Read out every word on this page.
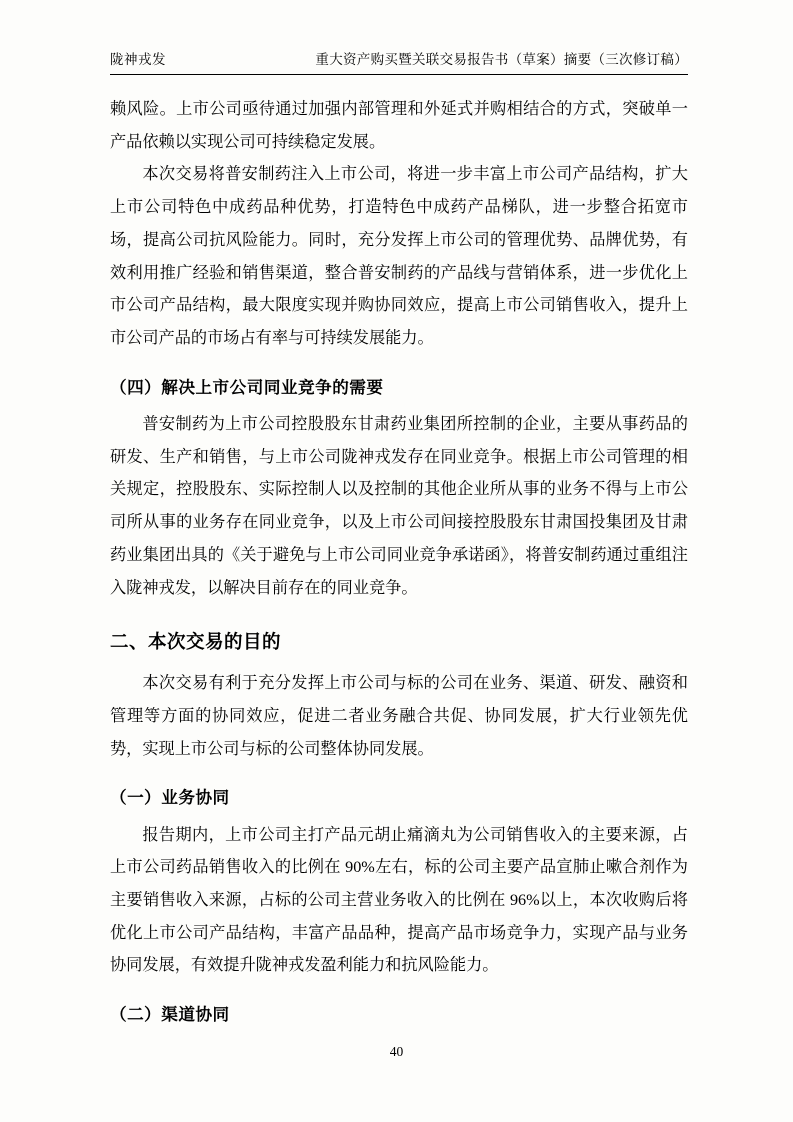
陇神戎发	重大资产购买暨关联交易报告书（草案）摘要（三次修订稿）

赖风险。上市公司亟待通过加强内部管理和外延式并购相结合的方式，突破单一产品依赖以实现公司可持续稳定发展。

本次交易将普安制药注入上市公司，将进一步丰富上市公司产品结构，扩大上市公司特色中成药品种优势，打造特色中成药产品梯队，进一步整合拓宽市场，提高公司抗风险能力。同时，充分发挥上市公司的管理优势、品牌优势，有效利用推广经验和销售渠道，整合普安制药的产品线与营销体系，进一步优化上市公司产品结构，最大限度实现并购协同效应，提高上市公司销售收入，提升上市公司产品的市场占有率与可持续发展能力。

（四）解决上市公司同业竞争的需要

普安制药为上市公司控股股东甘肃药业集团所控制的企业，主要从事药品的研发、生产和销售，与上市公司陇神戎发存在同业竞争。根据上市公司管理的相关规定，控股股东、实际控制人以及控制的其他企业所从事的业务不得与上市公司所从事的业务存在同业竞争，以及上市公司间接控股股东甘肃国投集团及甘肃药业集团出具的《关于避免与上市公司同业竞争承诺函》，将普安制药通过重组注入陇神戎发，以解决目前存在的同业竞争。

二、本次交易的目的

本次交易有利于充分发挥上市公司与标的公司在业务、渠道、研发、融资和管理等方面的协同效应，促进二者业务融合共促、协同发展，扩大行业领先优势，实现上市公司与标的公司整体协同发展。

（一）业务协同

报告期内，上市公司主打产品元胡止痛滴丸为公司销售收入的主要来源，占上市公司药品销售收入的比例在 90%左右，标的公司主要产品宣肺止嗽合剂作为主要销售收入来源，占标的公司主营业务收入的比例在 96%以上，本次收购后将优化上市公司产品结构，丰富产品品种，提高产品市场竞争力，实现产品与业务协同发展，有效提升陇神戎发盈利能力和抗风险能力。

（二）渠道协同
40
